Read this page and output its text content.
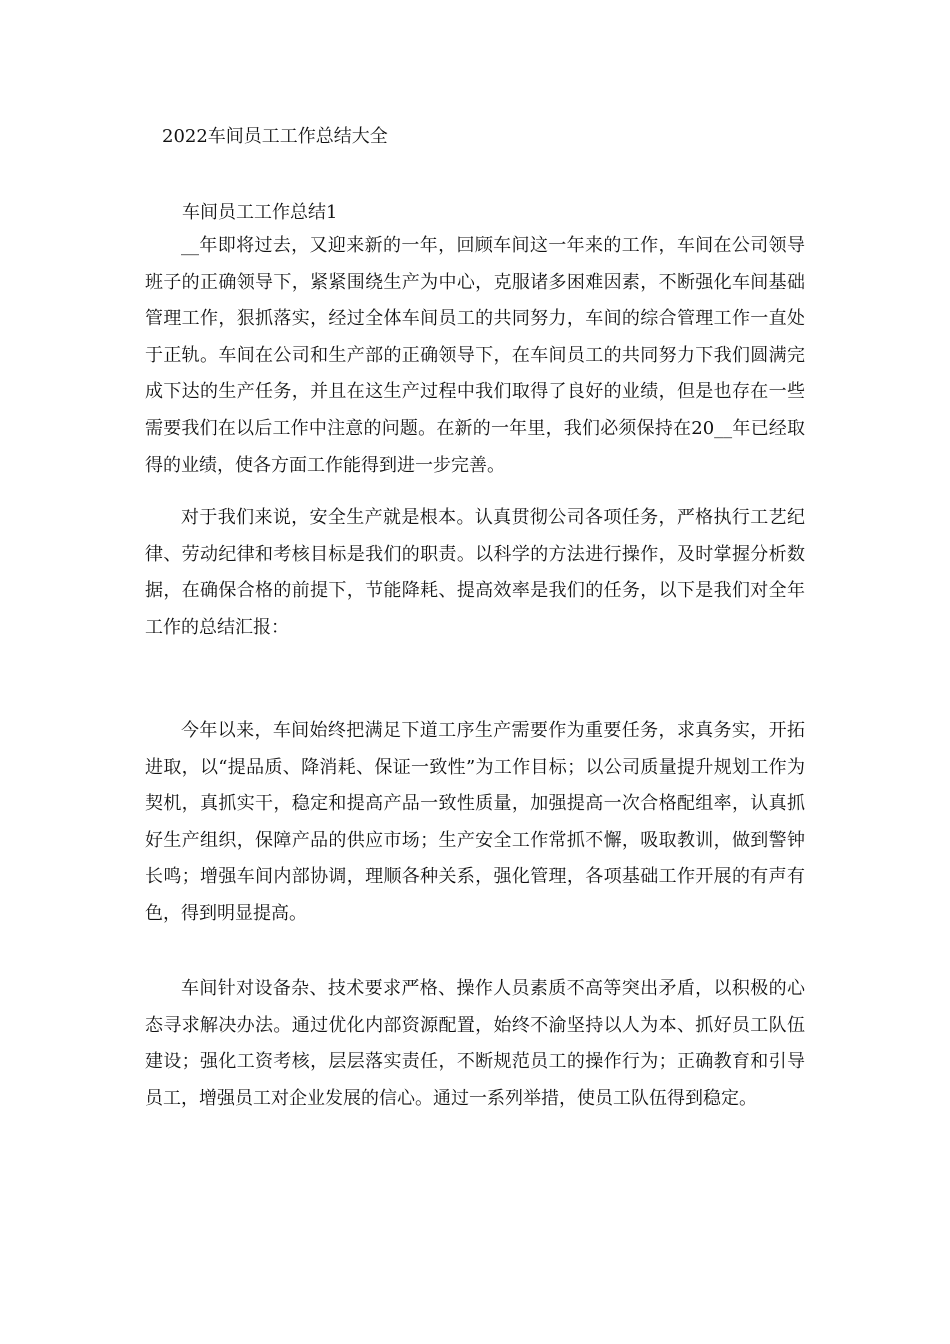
2022车间员工工作总结大全
车间员工工作总结1

__年即将过去，又迎来新的一年，回顾车间这一年来的工作，车间在公司领导班子的正确领导下，紧紧围绕生产为中心，克服诸多困难因素，不断强化车间基础管理工作，狠抓落实，经过全体车间员工的共同努力，车间的综合管理工作一直处于正轨。车间在公司和生产部的正确领导下，在车间员工的共同努力下我们圆满完成下达的生产任务，并且在这生产过程中我们取得了良好的业绩，但是也存在一些需要我们在以后工作中注意的问题。在新的一年里，我们必须保持在20__年已经取得的业绩，使各方面工作能得到进一步完善。

对于我们来说，安全生产就是根本。认真贯彻公司各项任务，严格执行工艺纪律、劳动纪律和考核目标是我们的职责。以科学的方法进行操作，及时掌握分析数据，在确保合格的前提下，节能降耗、提高效率是我们的任务，以下是我们对全年工作的总结汇报：

今年以来，车间始终把满足下道工序生产需要作为重要任务，求真务实，开拓进取，以“提品质、降消耗、保证一致性”为工作目标；以公司质量提升规划工作为契机，真抓实干，稳定和提高产品一致性质量，加强提高一次合格配组率，认真抓好生产组织，保障产品的供应市场；生产安全工作常抓不懈，吸取教训，做到警钟长鸣；增强车间内部协调，理顺各种关系，强化管理，各项基础工作开展的有声有色，得到明显提高。

车间针对设备杂、技术要求严格、操作人员素质不高等突出矛盾，以积极的心态寻求解决办法。通过优化内部资源配置，始终不渝坚持以人为本、抓好员工队伍建设；强化工资考核，层层落实责任，不断规范员工的操作行为；正确教育和引导员工，增强员工对企业发展的信心。通过一系列举措，使员工队伍得到稳定。
